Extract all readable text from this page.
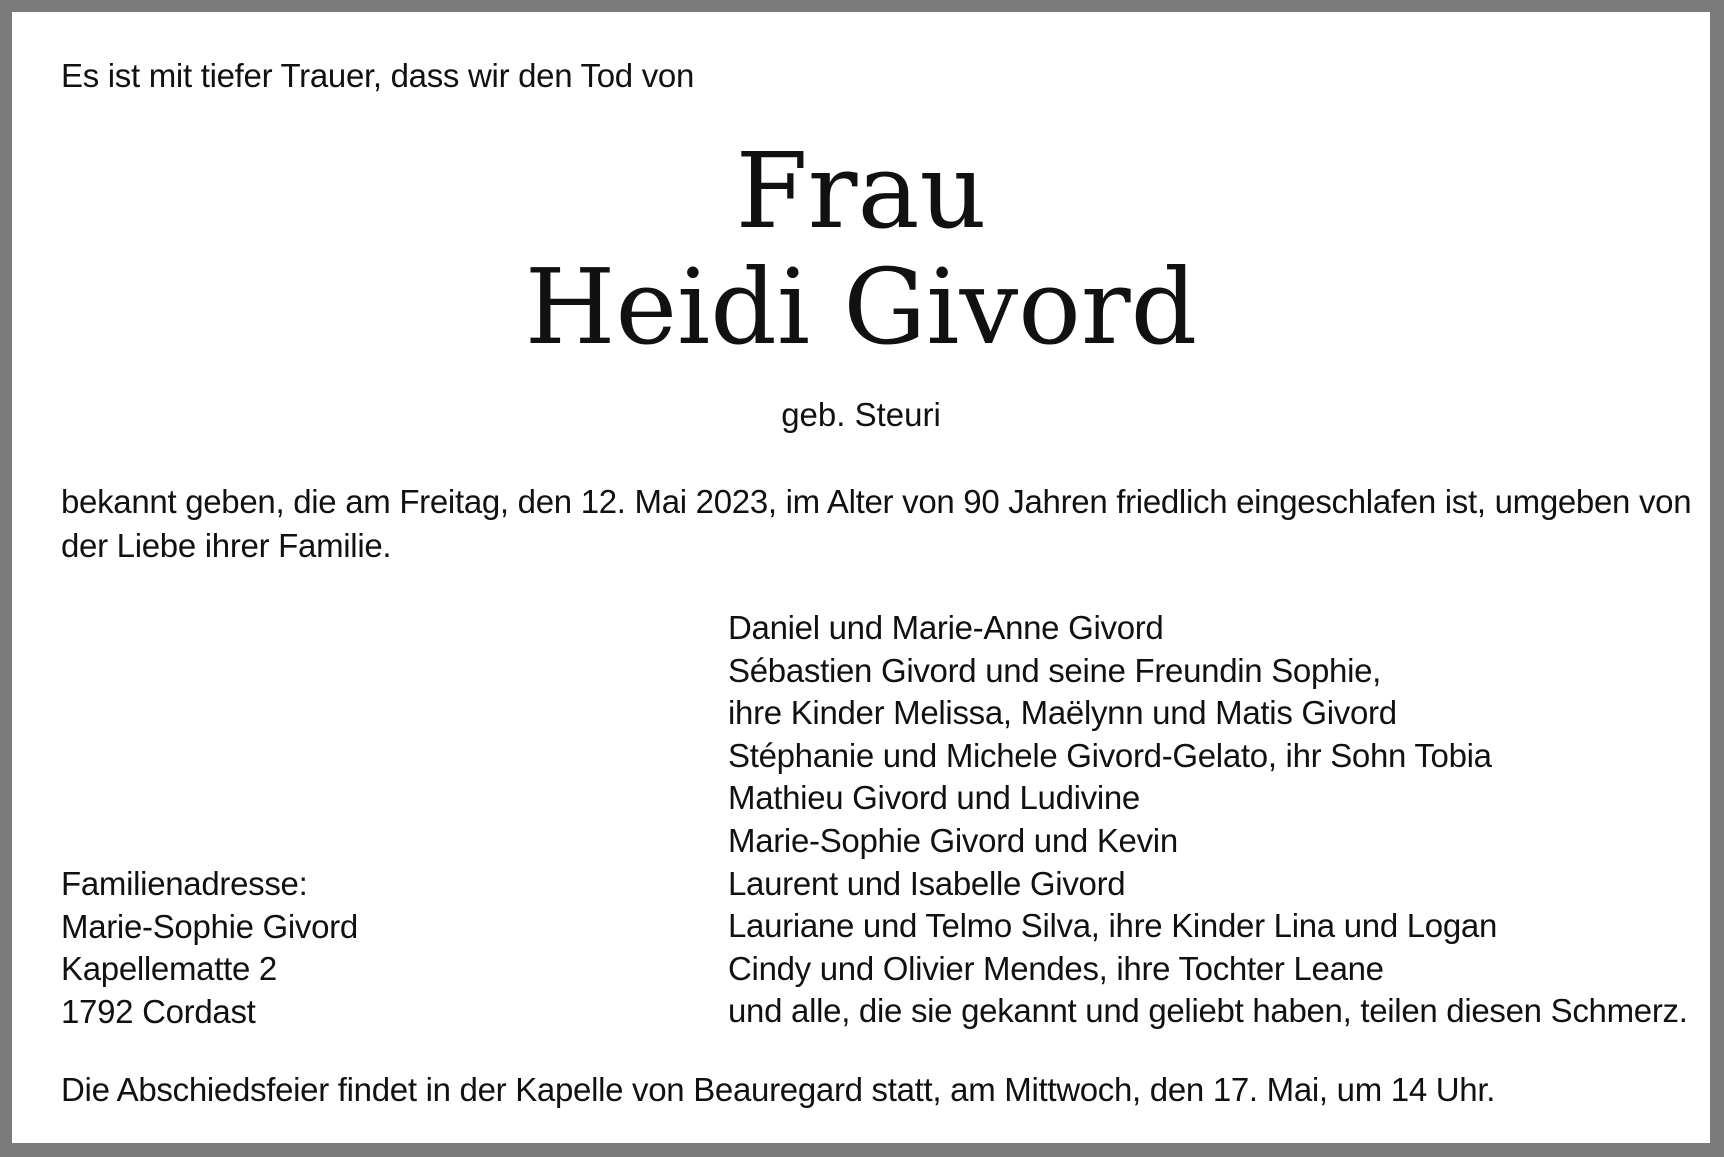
Es ist mit tiefer Trauer, dass wir den Tod von
Frau
Heidi Givord
geb. Steuri
bekannt geben, die am Freitag, den 12. Mai 2023, im Alter von 90 Jahren friedlich eingeschlafen ist, umgeben von
der Liebe ihrer Familie.
Daniel und Marie-Anne Givord
Sébastien Givord und seine Freundin Sophie,
ihre Kinder Melissa, Maëlynn und Matis Givord
Stéphanie und Michele Givord-Gelato, ihr Sohn Tobia
Mathieu Givord und Ludivine
Marie-Sophie Givord und Kevin
Laurent und Isabelle Givord
Lauriane und Telmo Silva, ihre Kinder Lina und Logan
Cindy und Olivier Mendes, ihre Tochter Leane
und alle, die sie gekannt und geliebt haben, teilen diesen Schmerz.
Familienadresse:
Marie-Sophie Givord
Kapellematte 2
1792 Cordast
Die Abschiedsfeier findet in der Kapelle von Beauregard statt, am Mittwoch, den 17. Mai, um 14 Uhr.
